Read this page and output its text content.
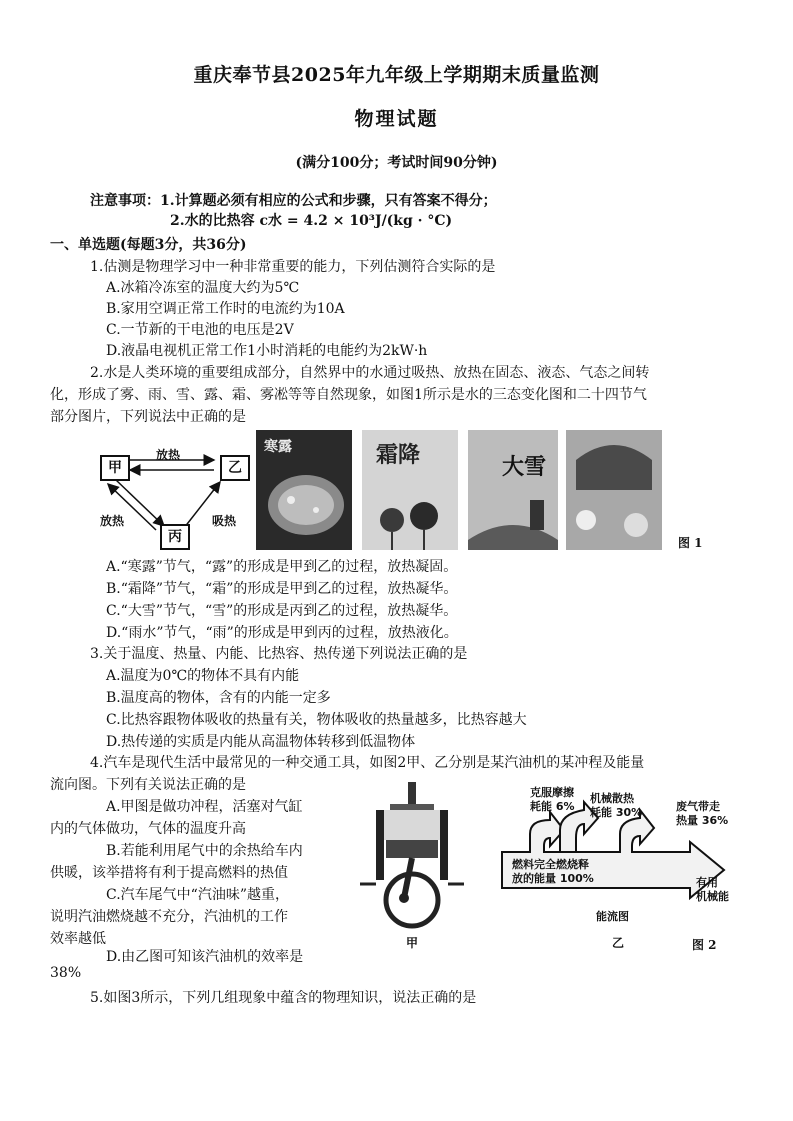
重庆奉节县2025年九年级上学期期末质量监测
物理试题
(满分100分；考试时间90分钟)
注意事项：1.计算题必须有相应的公式和步骤，只有答案不得分；
2.水的比热容 c水 = 4.2 × 10³J/(kg · °C)
一、单选题(每题3分，共36分)
1.估测是物理学习中一种非常重要的能力，下列估测符合实际的是
A.冰箱冷冻室的温度大约为5℃
B.家用空调正常工作时的电流约为10A
C.一节新的干电池的电压是2V
D.液晶电视机正常工作1小时消耗的电能约为2kW·h
2.水是人类环境的重要组成部分，自然界中的水通过吸热、放热在固态、液态、气态之间转
化，形成了雾、雨、雪、露、霜、雾凇等等自然现象，如图1所示是水的三态变化图和二十四节气
部分图片，下列说法中正确的是
甲	乙
丙
放热
放热	吸热
寒露	霜降	大雪
图 1
A.“寒露”节气，“露”的形成是甲到乙的过程，放热凝固。
B.“霜降”节气，“霜”的形成是甲到乙的过程，放热凝华。
C.“大雪”节气，“雪”的形成是丙到乙的过程，放热凝华。
D.“雨水”节气，“雨”的形成是甲到丙的过程，放热液化。
3.关于温度、热量、内能、比热容、热传递下列说法正确的是
A.温度为0℃的物体不具有内能
B.温度高的物体，含有的内能一定多
C.比热容跟物体吸收的热量有关，物体吸收的热量越多，比热容越大
D.热传递的实质是内能从高温物体转移到低温物体
4.汽车是现代生活中最常见的一种交通工具，如图2甲、乙分别是某汽油机的某冲程及能量
流向图。下列有关说法正确的是
A.甲图是做功冲程，活塞对气缸
内的气体做功，气体的温度升高
B.若能利用尾气中的余热给车内
供暖，该举措将有利于提高燃料的热值
C.汽车尾气中“汽油味”越重，
说明汽油燃烧越不充分，汽油机的工作
效率越低
D.由乙图可知该汽油机的效率是
38%
甲
克服摩擦
耗能 6%
机械散热
耗能 30%	废气带走
热量 36%
燃料完全燃烧释
放的能量 100%	有用
机械能
能流图
乙	图 2
5.如图3所示，下列几组现象中蕴含的物理知识，说法正确的是
